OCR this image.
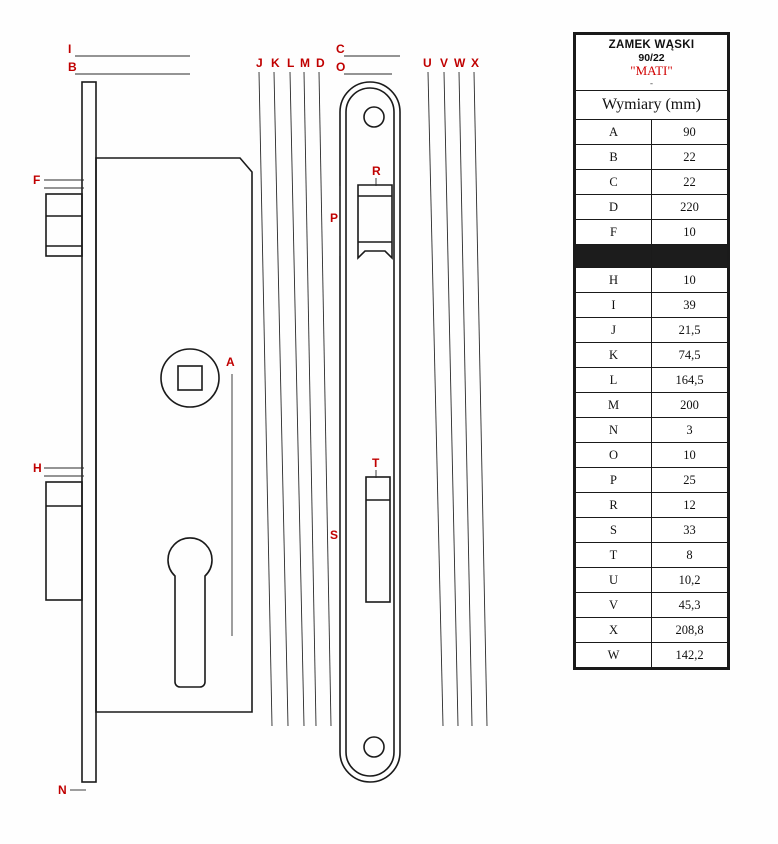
I
B	J K L M D
C
O	U V W X
F
R
P
A
H	T
S
N
ZAMEK WĄSKI
90/22
"MATI"
-	

Wymiary (mm)	
A	90
B	22
C	22
D	220
F	10

H	10
I	39
J	21,5
K	74,5
L	164,5
M	200
N	3
O	10
P	25
R	12
S	33
T	8
U	10,2
V	45,3
X	208,8
W	142,2
